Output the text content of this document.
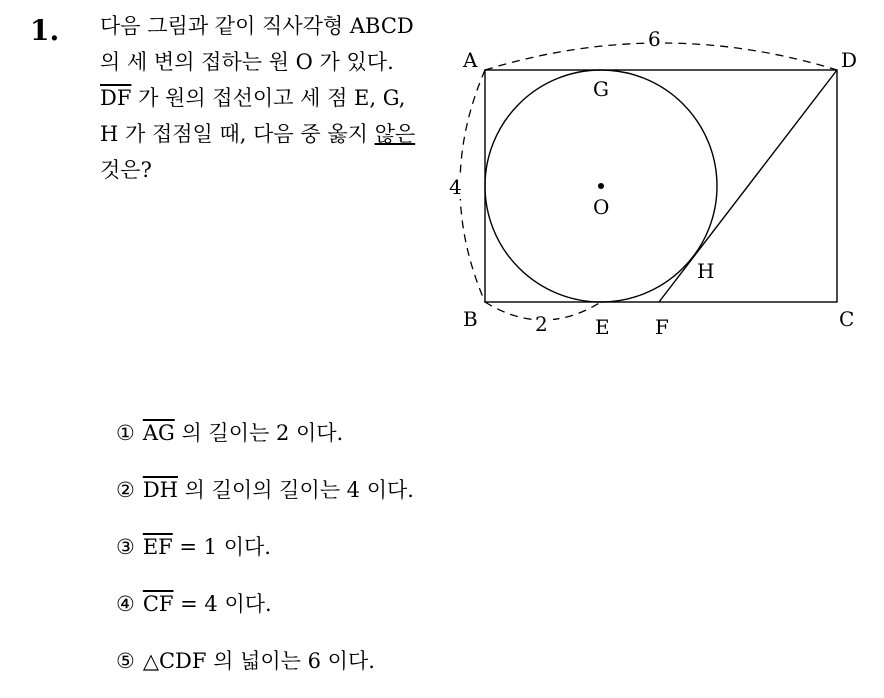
1. 다음 그림과 같이 직사각형 ABCD 의 세 변의 접하는 원 O 가 있다. $\overline{DF}$ 가 원의 접선이고 세 점 E, G, H 가 접점일 때, 다음 중 옳지 않은 것은?
6
4
2
A	D
B	C
G
O
H
E F
① $\overline{AG}$ 의 길이는 2 이다.
② $\overline{DH}$ 의 길이의 길이는 4 이다.
③ $\overline{EF} = 1$ 이다.
④ $\overline{CF} = 4$ 이다.
⑤ △CDF 의 넓이는 6 이다.
